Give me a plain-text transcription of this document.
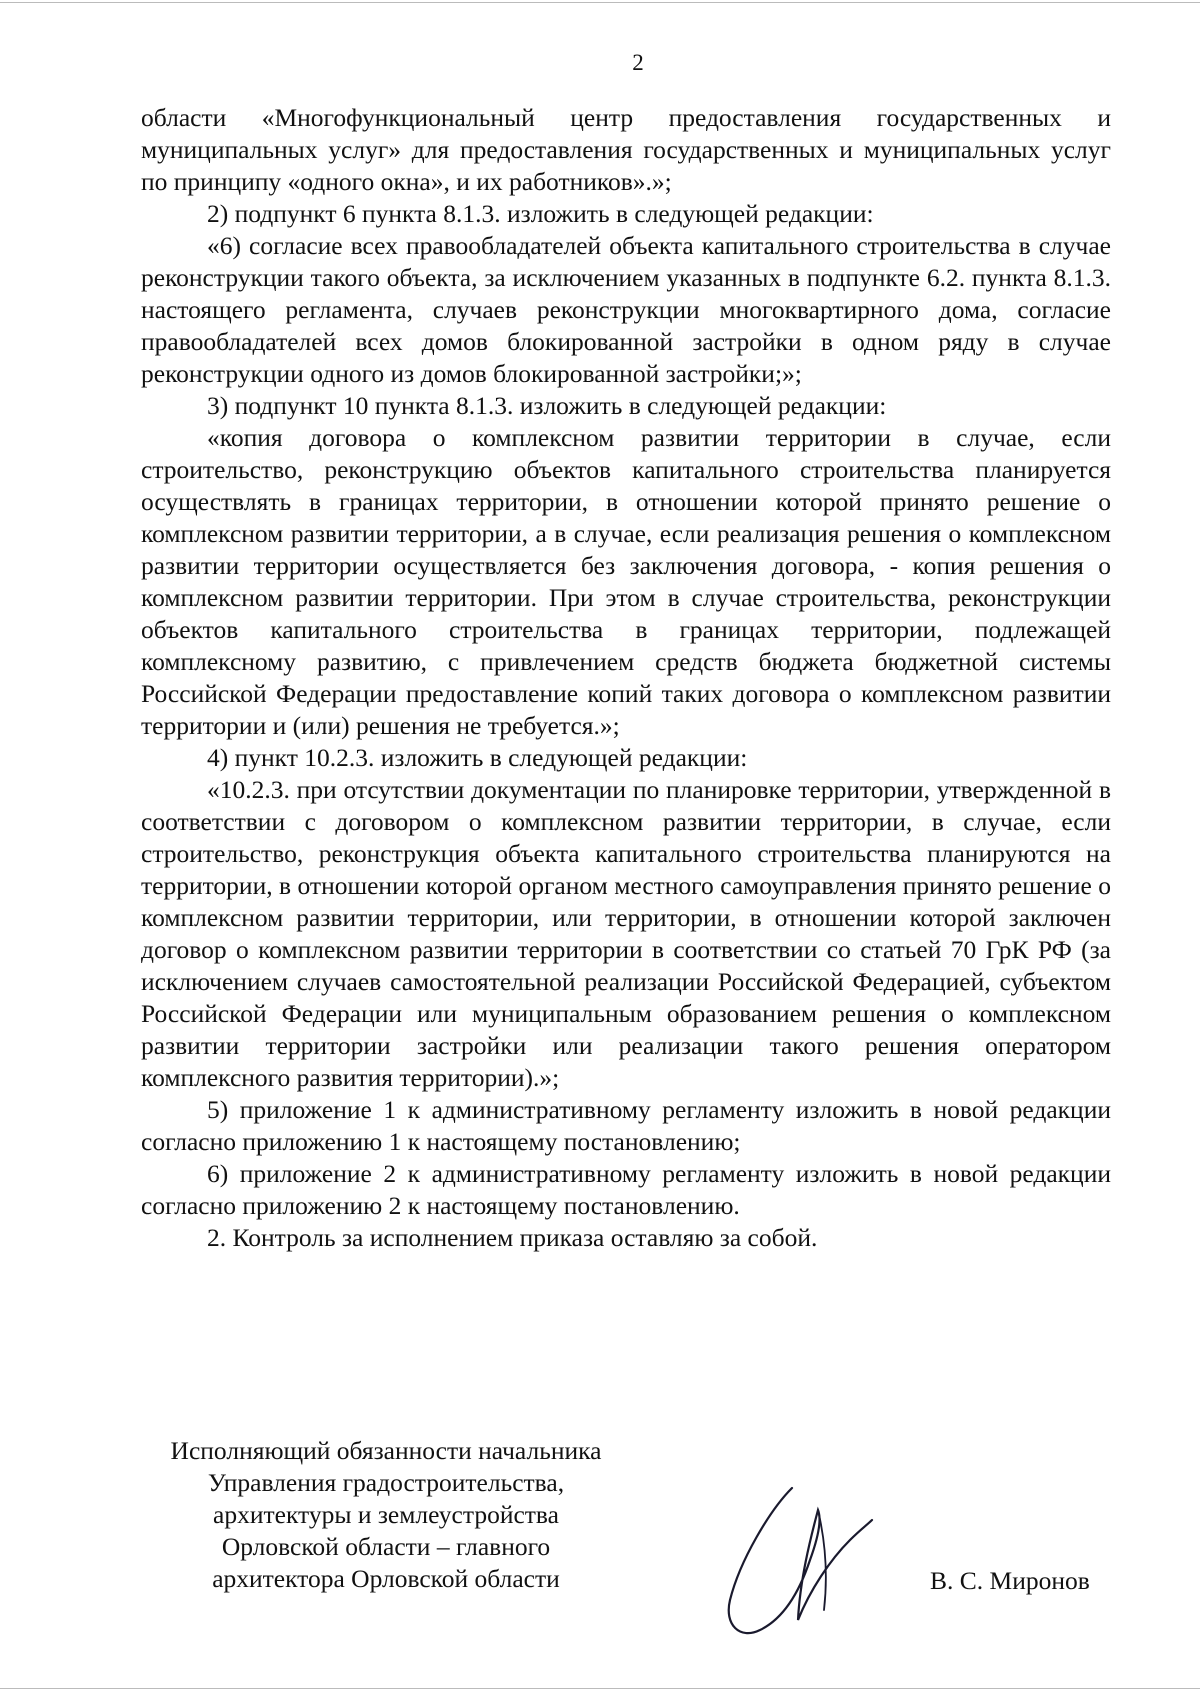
2

области «Многофункциональный центр предоставления государственных и муниципальных услуг» для предоставления государственных и муниципальных услуг по принципу «одного окна», и их работников».»;

2) подпункт 6 пункта 8.1.3. изложить в следующей редакции:

«6) согласие всех правообладателей объекта капитального строительства в случае реконструкции такого объекта, за исключением указанных в подпункте 6.2. пункта 8.1.3. настоящего регламента, случаев реконструкции многоквартирного дома, согласие правообладателей всех домов блокированной застройки в одном ряду в случае реконструкции одного из домов блокированной застройки;»;

3) подпункт 10 пункта 8.1.3. изложить в следующей редакции:

«копия договора о комплексном развитии территории в случае, если строительство, реконструкцию объектов капитального строительства планируется осуществлять в границах территории, в отношении которой принято решение о комплексном развитии территории, а в случае, если реализация решения о комплексном развитии территории осуществляется без заключения договора, - копия решения о комплексном развитии территории. При этом в случае строительства, реконструкции объектов капитального строительства в границах территории, подлежащей комплексному развитию, с привлечением средств бюджета бюджетной системы Российской Федерации предоставление копий таких договора о комплексном развитии территории и (или) решения не требуется.»;

4) пункт 10.2.3. изложить в следующей редакции:

«10.2.3. при отсутствии документации по планировке территории, утвержденной в соответствии с договором о комплексном развитии территории, в случае, если строительство, реконструкция объекта капитального строительства планируются на территории, в отношении которой органом местного самоуправления принято решение о комплексном развитии территории, или территории, в отношении которой заключен договор о комплексном развитии территории в соответствии со статьей 70 ГрК РФ (за исключением случаев самостоятельной реализации Российской Федерацией, субъектом Российской Федерации или муниципальным образованием решения о комплексном развитии территории застройки или реализации такого решения оператором комплексного развития территории).»;

5) приложение 1 к административному регламенту изложить в новой редакции согласно приложению 1 к настоящему постановлению;

6) приложение 2 к административному регламенту изложить в новой редакции согласно приложению 2 к настоящему постановлению.

2. Контроль за исполнением приказа оставляю за собой.

Исполняющий обязанности начальника
Управления градостроительства,
архитектуры и землеустройства
Орловской области – главного
архитектора Орловской области	В. С. Миронов
